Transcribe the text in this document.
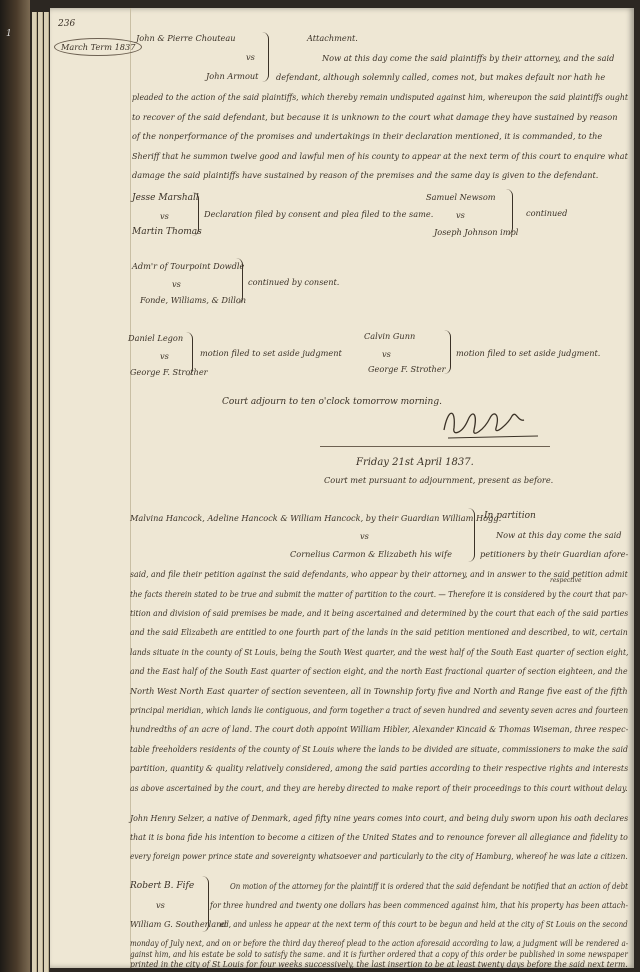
1
236
March Term 1837
John & Pierre Chouteau
vs
John Armout
Attachment.
Now at this day come the said plaintiffs by their attorney, and the said
defendant, although solemnly called, comes not, but makes default nor hath he
pleaded to the action of the said plaintiffs, which thereby remain undisputed against him, whereupon the said plaintiffs ought
to recover of the said defendant, but because it is unknown to the court what damage they have sustained by reason
of the nonperformance of the promises and undertakings in their declaration mentioned, it is commanded, to the
Sheriff that he summon twelve good and lawful men of his county to appear at the next term of this court to enquire what
damage the said plaintiffs have sustained by reason of the premises and the same day is given to the defendant.
Jesse Marshall
vs
Martin Thomas
Declaration filed by consent and plea filed to the same.
Samuel Newsom
vs
Joseph Johnson impl
continued
Adm'r of Tourpoint Dowdle
vs
Fonde, Williams, & Dillon
continued by consent.
Daniel Legon
vs
George F. Strother
motion filed to set aside judgment
Calvin Gunn
vs
George F. Strother
motion filed to set aside judgment.
Court adjourn to ten o'clock tomorrow morning.
Friday 21st April 1837.
Court met pursuant to adjournment, present as before.
Malvina Hancock, Adeline Hancock & William Hancock, by their Guardian William Hogg.
vs
Cornelius Carmon & Elizabeth his wife
In partition
Now at this day come the said
petitioners by their Guardian afore-
respective
said, and file their petition against the said defendants, who appear by their attorney, and in answer to the said petition admit
the facts therein stated to be true and submit the matter of partition to the court. — Therefore it is considered by the court that par-
tition and division of said premises be made, and it being ascertained and determined by the court that each of the said parties
and the said Elizabeth are entitled to one fourth part of the lands in the said petition mentioned and described, to wit, certain
lands situate in the county of St Louis, being the South West quarter, and the west half of the South East quarter of section eight,
and the East half of the South East quarter of section eight, and the north East fractional quarter of section eighteen, and the
North West North East quarter of section seventeen, all in Township forty five and North and Range five east of the fifth
principal meridian, which lands lie contiguous, and form together a tract of seven hundred and seventy seven acres and fourteen
hundredths of an acre of land. The court doth appoint William Hibler, Alexander Kincaid & Thomas Wiseman, three respec-
table freeholders residents of the county of St Louis where the lands to be divided are situate, commissioners to make the said
partition, quantity & quality relatively considered, among the said parties according to their respective rights and interests
as above ascertained by the court, and they are hereby directed to make report of their proceedings to this court without delay.
John Henry Selzer, a native of Denmark, aged fifty nine years comes into court, and being duly sworn upon his oath declares
that it is bona fide his intention to become a citizen of the United States and to renounce forever all allegiance and fidelity to
every foreign power prince state and sovereignty whatsoever and particularly to the city of Hamburg, whereof he was late a citizen.
Robert B. Fife
vs
William G. Southerland
On motion of the attorney for the plaintiff it is ordered that the said defendant be notified that an action of debt
for three hundred and twenty one dollars has been commenced against him, that his property has been attach-
ed, and unless he appear at the next term of this court to be begun and held at the city of St Louis on the second
monday of July next, and on or before the third day thereof plead to the action aforesaid according to law, a judgment will be rendered a-
gainst him, and his estate be sold to satisfy the same. and it is further ordered that a copy of this order be published in some newspaper
printed in the city of St Louis for four weeks successively, the last insertion to be at least twenty days before the said next term.
